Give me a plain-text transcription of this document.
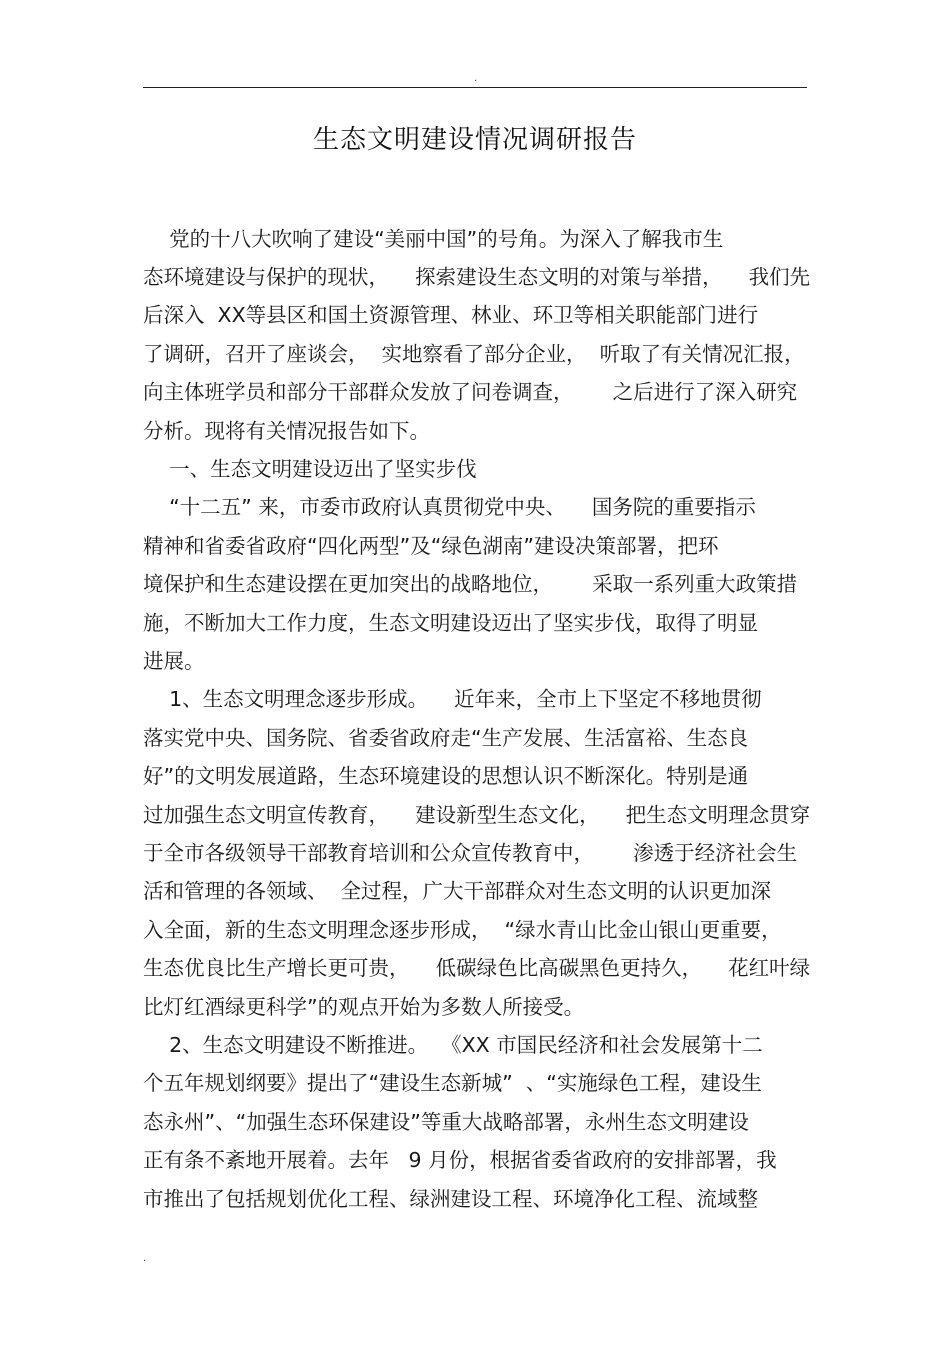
.
生态文明建设情况调研报告
党的十八大吹响了建设“美丽中国”的号角。为深入了解我市生
态环境建设与保护的现状，    探索建设生态文明的对策与举措，    我们先
后深入  XX等县区和国土资源管理、林业、环卫等相关职能部门进行
了调研，召开了座谈会，  实地察看了部分企业，  听取了有关情况汇报，
向主体班学员和部分干部群众发放了问卷调查，      之后进行了深入研究
分析。现将有关情况报告如下。
一、生态文明建设迈出了坚实步伐
“十二五” 来，市委市政府认真贯彻党中央、    国务院的重要指示
精神和省委省政府“四化两型”及“绿色湖南”建设决策部署，把环
境保护和生态建设摆在更加突出的战略地位，      采取一系列重大政策措
施，不断加大工作力度，生态文明建设迈出了坚实步伐，取得了明显
进展。
1、生态文明理念逐步形成。    近年来，全市上下坚定不移地贯彻
落实党中央、国务院、省委省政府走“生产发展、生活富裕、生态良
好”的文明发展道路，生态环境建设的思想认识不断深化。特别是通
过加强生态文明宣传教育，    建设新型生态文化，    把生态文明理念贯穿
于全市各级领导干部教育培训和公众宣传教育中，      渗透于经济社会生
活和管理的各领域、  全过程，广大干部群众对生态文明的认识更加深
入全面，新的生态文明理念逐步形成，  “绿水青山比金山银山更重要，
生态优良比生产增长更可贵，    低碳绿色比高碳黑色更持久，    花红叶绿
比灯红酒绿更科学”的观点开始为多数人所接受。
2、生态文明建设不断推进。  《XX 市国民经济和社会发展第十二
个五年规划纲要》提出了“建设生态新城”  、“实施绿色工程，建设生
态永州”、“加强生态环保建设”等重大战略部署，永州生态文明建设
正有条不紊地开展着。去年   9 月份，根据省委省政府的安排部署，我
市推出了包括规划优化工程、绿洲建设工程、环境净化工程、流域整
.
